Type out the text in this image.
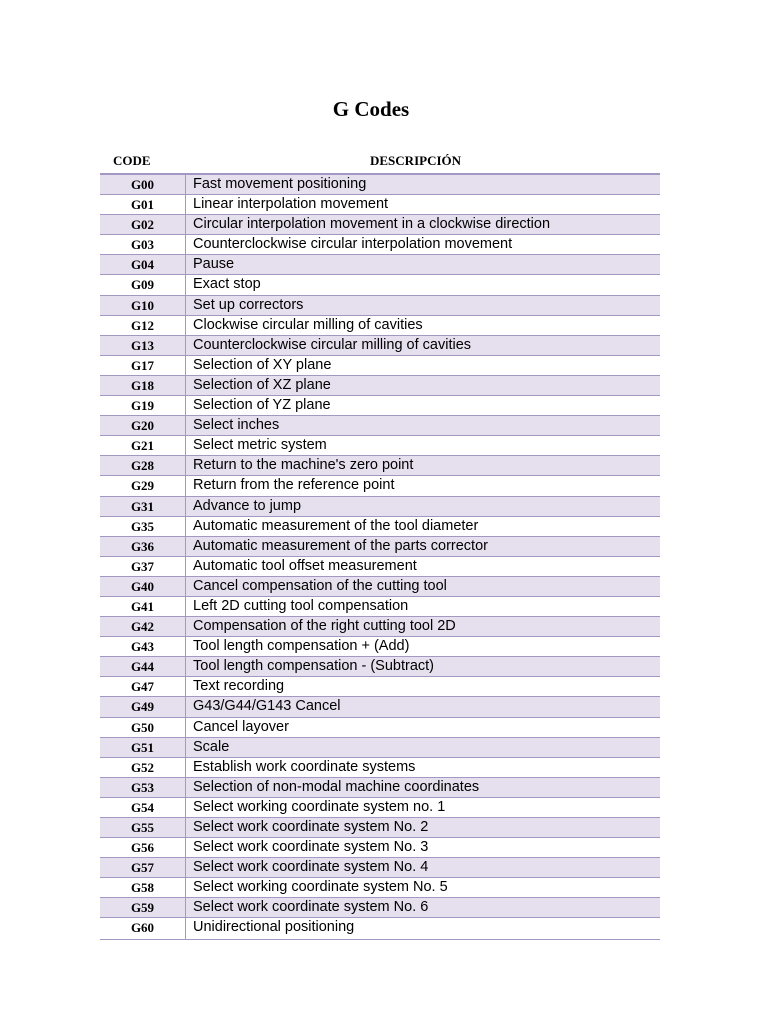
G Codes
CODE	DESCRIPCIÓN
G00	Fast movement positioning
G01	Linear interpolation movement
G02	Circular interpolation movement in a clockwise direction
G03	Counterclockwise circular interpolation movement
G04	Pause
G09	Exact stop
G10	Set up correctors
G12	Clockwise circular milling of cavities
G13	Counterclockwise circular milling of cavities
G17	Selection of XY plane
G18	Selection of XZ plane
G19	Selection of YZ plane
G20	Select inches
G21	Select metric system
G28	Return to the machine's zero point
G29	Return from the reference point
G31	Advance to jump
G35	Automatic measurement of the tool diameter
G36	Automatic measurement of the parts corrector
G37	Automatic tool offset measurement
G40	Cancel compensation of the cutting tool
G41	Left 2D cutting tool compensation
G42	Compensation of the right cutting tool 2D
G43	Tool length compensation + (Add)
G44	Tool length compensation - (Subtract)
G47	Text recording
G49	G43/G44/G143 Cancel
G50	Cancel layover
G51	Scale
G52	Establish work coordinate systems
G53	Selection of non-modal machine coordinates
G54	Select working coordinate system no. 1
G55	Select work coordinate system No. 2
G56	Select work coordinate system No. 3
G57	Select work coordinate system No. 4
G58	Select working coordinate system No. 5
G59	Select work coordinate system No. 6
G60	Unidirectional positioning
